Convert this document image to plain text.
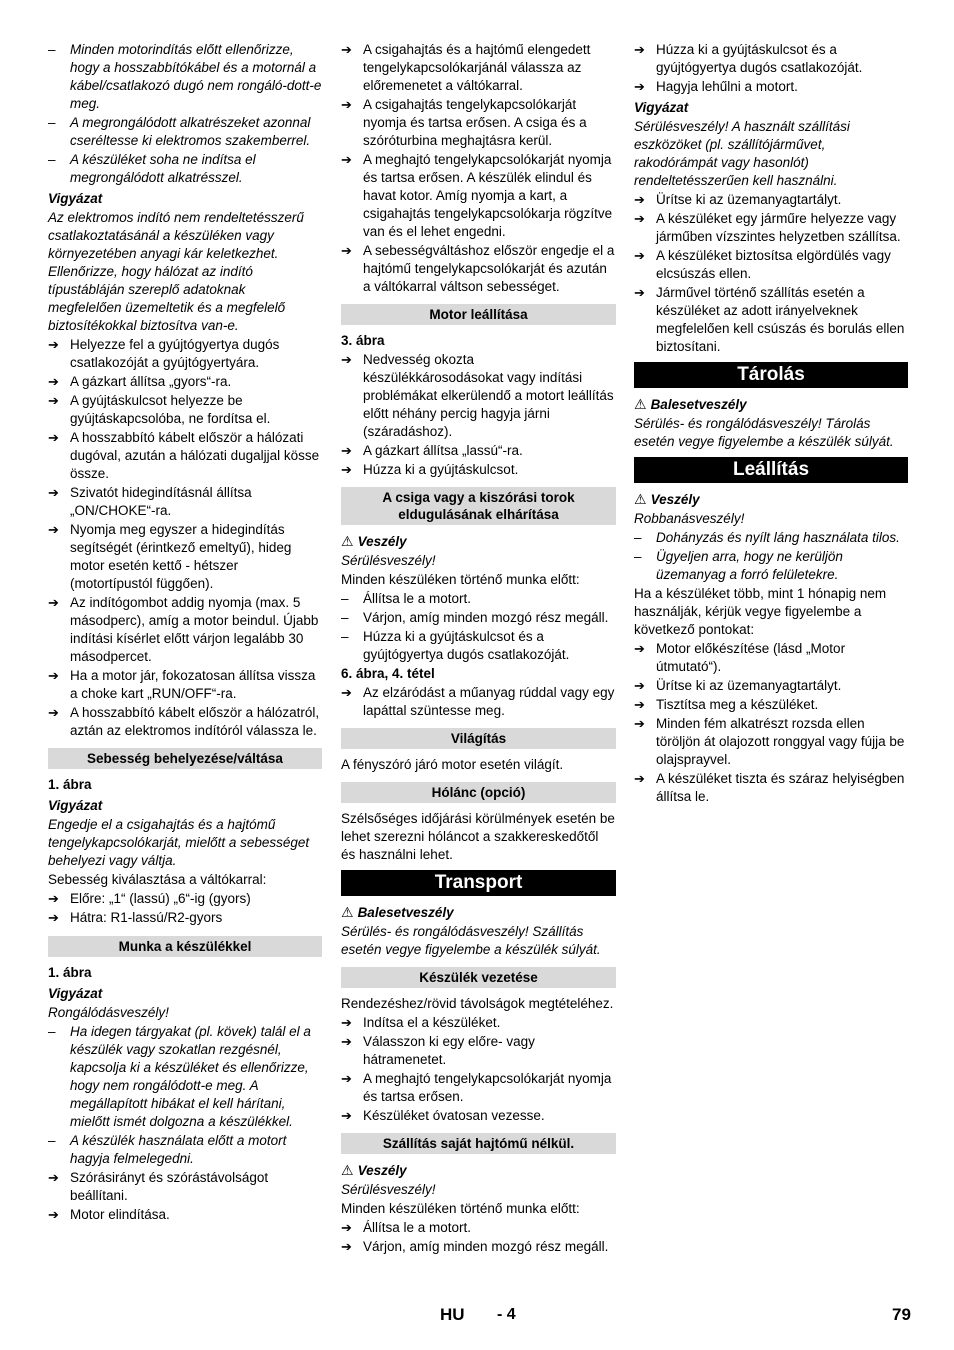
– Minden motorindítás előtt ellenőrizze, hogy a hosszabbítókábel és a motornál a kábel/csatlakozó dugó nem rongáló-dott-e meg.
– A megrongálódott alkatrészeket azonnal cseréltesse ki elektromos szakemberrel.
– A készüléket soha ne indítsa el megrongálódott alkatrésszel.

Vigyázat

Az elektromos indító nem rendeltetésszerű csatlakoztatásánál a készüléken vagy környezetében anyagi kár keletkezhet. Ellenőrizze, hogy hálózat az indító típustábláján szereplő adatoknak megfelelően üzemeltetik és a megfelelő biztosítékokkal biztosítva van-e.

➔ Helyezze fel a gyújtógyertya dugós csatlakozóját a gyújtógyertyára.
➔ A gázkart állítsa „gyors“-ra.
➔ A gyújtáskulcsot helyezze be gyújtáskapcsolóba, ne fordítsa el.
➔ A hosszabbító kábelt először a hálózati dugóval, azután a hálózati dugaljjal kösse össze.
➔ Szivatót hidegindításnál állítsa „ON/CHOKE“-ra.
➔ Nyomja meg egyszer a hidegindítás segítségét (érintkező emeltyű), hideg motor esetén kettő - hétszer (motortípustól függően).
➔ Az indítógombot addig nyomja (max. 5 másodperc), amíg a motor beindul. Újabb indítási kísérlet előtt várjon legalább 30 másodpercet.
➔ Ha a motor jár, fokozatosan állítsa vissza a choke kart „RUN/OFF“-ra.
➔ A hosszabbító kábelt először a hálózatról, aztán az elektromos indítóról válassza le.
Sebesség behelyezése/váltása

1. ábra

Vigyázat

Engedje el a csigahajtás és a hajtómű tengelykapcsolókarját, mielőtt a sebességet behelyezi vagy váltja.

Sebesség kiválasztása a váltókarral:

➔ Előre: „1“ (lassú) „6“-ig (gyors)
➔ Hátra: R1-lassú/R2-gyors
Munka a készülékkel

1. ábra

Vigyázat

Rongálódásveszély!

– Ha idegen tárgyakat (pl. kövek) talál el a készülék vagy szokatlan rezgésnél, kapcsolja ki a készüléket és ellenőrizze, hogy nem rongálódott-e meg. A megállapított hibákat el kell hárítani, mielőtt ismét dolgozna a készülékkel.
– A készülék használata előtt a motort hagyja felmelegedni.
➔ Szórásirányt és szórástávolságot beállítani.
➔ Motor elindítása.
➔ A csigahajtás és a hajtómű elengedett tengelykapcsolókarjánál válassza az előremenetet a váltókarral.
➔ A csigahajtás tengelykapcsolókarját nyomja és tartsa erősen. A csiga és a szóróturbina meghajtásra kerül.
➔ A meghajtó tengelykapcsolókarját nyomja és tartsa erősen. A készülék elindul és havat kotor. Amíg nyomja a kart, a csigahajtás tengelykapcsolókarja rögzítve van és el lehet engedni.
➔ A sebességváltáshoz először engedje el a hajtómű tengelykapcsolókarját és azután a váltókarral váltson sebességet.
Motor leállítása

3. ábra

➔ Nedvesség okozta készülékkárosodásokat vagy indítási problémákat elkerülendő a motort leállítás előtt néhány percig hagyja járni (száradáshoz).
➔ A gázkart állítsa „lassú“-ra.
➔ Húzza ki a gyújtáskulcsot.
A csiga vagy a kiszórási torok eldugulásának elhárítása

⚠ Veszély

Sérülésveszély!

Minden készüléken történő munka előtt:

– Állítsa le a motort.
– Várjon, amíg minden mozgó rész megáll.
– Húzza ki a gyújtáskulcsot és a gyújtógyertya dugós csatlakozóját.

6. ábra, 4. tétel

➔ Az elzáródást a műanyag rúddal vagy egy lapáttal szüntesse meg.
Világítás

A fényszóró járó motor esetén világít.

Hólánc (opció)

Szélsőséges időjárási körülmények esetén be lehet szerezni hóláncot a szakkereskedőtől és használni lehet.

Transport

⚠ Balesetveszély

Sérülés- és rongálódásveszély! Szállítás esetén vegye figyelembe a készülék súlyát.

Készülék vezetése

Rendezéshez/rövid távolságok megtételéhez.

➔ Indítsa el a készüléket.
➔ Válasszon ki egy előre- vagy hátramenetet.
➔ A meghajtó tengelykapcsolókarját nyomja és tartsa erősen.
➔ Készüléket óvatosan vezesse.
Szállítás saját hajtómű nélkül.

⚠ Veszély

Sérülésveszély!

Minden készüléken történő munka előtt:

➔ Állítsa le a motort.
➔ Várjon, amíg minden mozgó rész megáll.
➔ Húzza ki a gyújtáskulcsot és a gyújtógyertya dugós csatlakozóját.
➔ Hagyja lehűlni a motort.

Vigyázat

Sérülésveszély! A használt szállítási eszközöket (pl. szállítójárművet, rakodórámpát vagy hasonlót) rendeltetésszerűen kell használni.

➔ Ürítse ki az üzemanyagtartályt.
➔ A készüléket egy járműre helyezze vagy járműben vízszintes helyzetben szállítsa.
➔ A készüléket biztosítsa elgördülés vagy elcsúszás ellen.
➔ Járművel történő szállítás esetén a készüléket az adott irányelveknek megfelelően kell csúszás és borulás ellen biztosítani.
Tárolás

⚠ Balesetveszély

Sérülés- és rongálódásveszély! Tárolás esetén vegye figyelembe a készülék súlyát.

Leállítás

⚠ Veszély

Robbanásveszély!

– Dohányzás és nyílt láng használata tilos.
– Ügyeljen arra, hogy ne kerüljön üzemanyag a forró felületekre.

Ha a készüléket több, mint 1 hónapig nem használják, kérjük vegye figyelembe a következő pontokat:

➔ Motor előkészítése (lásd „Motor útmutató“).
➔ Ürítse ki az üzemanyagtartályt.
➔ Tisztítsa meg a készüléket.
➔ Minden fém alkatrészt rozsda ellen töröljön át olajozott ronggyal vagy fújja be olajsprayvel.
➔ A készüléket tiszta és száraz helyiségben állítsa le.
HU - 4	79
